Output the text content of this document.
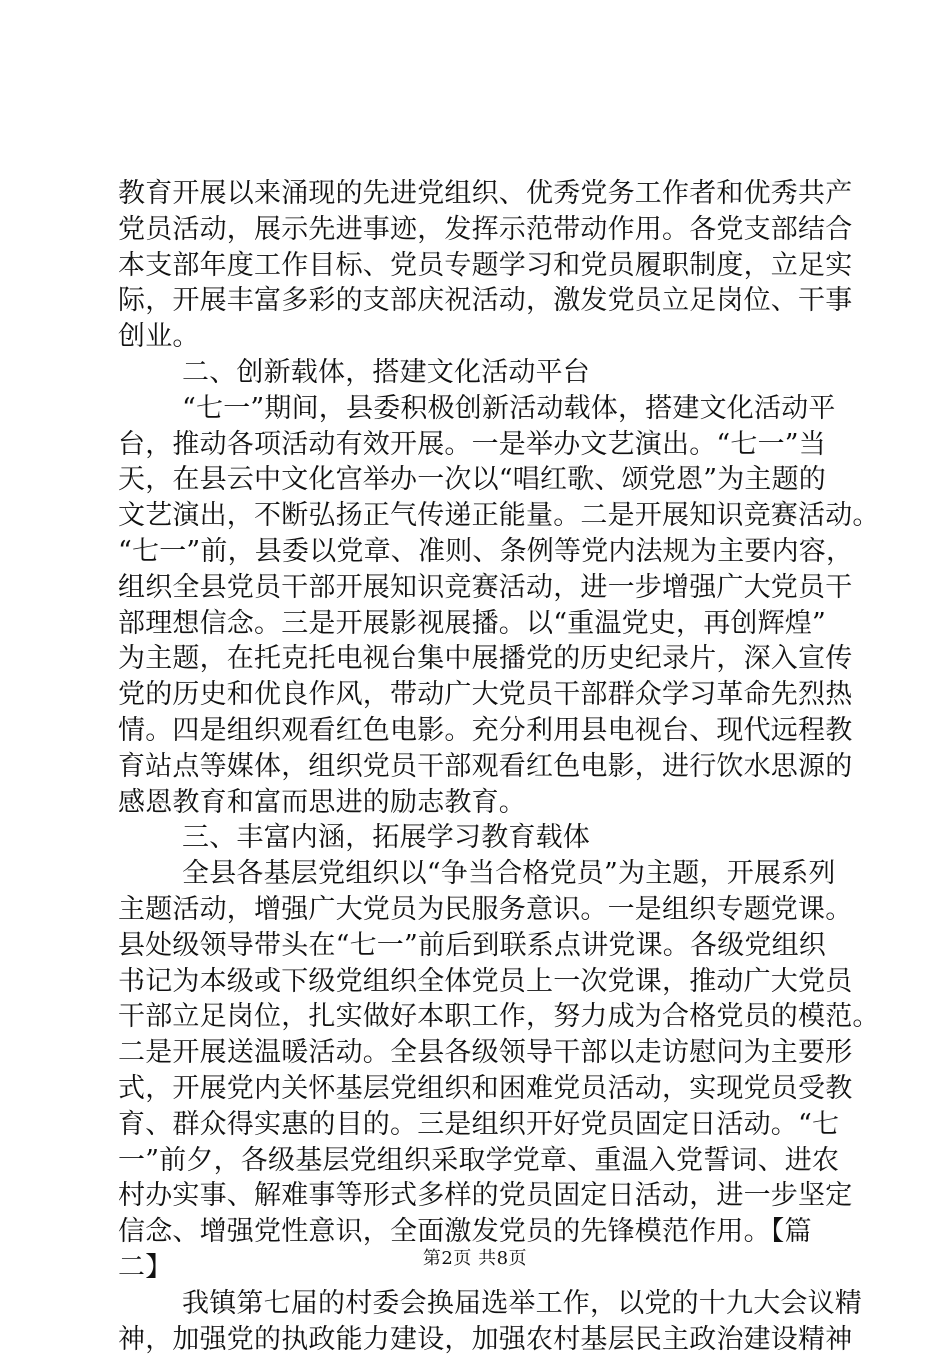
教育开展以来涌现的先进党组织、优秀党务工作者和优秀共产
党员活动，展示先进事迹，发挥示范带动作用。各党支部结合
本支部年度工作目标、党员专题学习和党员履职制度，立足实
际，开展丰富多彩的支部庆祝活动，激发党员立足岗位、干事
创业。
二、创新载体，搭建文化活动平台
“七一”期间，县委积极创新活动载体，搭建文化活动平
台，推动各项活动有效开展。一是举办文艺演出。“七一”当
天，在县云中文化宫举办一次以“唱红歌、颂党恩”为主题的
文艺演出，不断弘扬正气传递正能量。二是开展知识竞赛活动。
“七一”前，县委以党章、准则、条例等党内法规为主要内容，
组织全县党员干部开展知识竞赛活动，进一步增强广大党员干
部理想信念。三是开展影视展播。以“重温党史，再创辉煌”
为主题，在托克托电视台集中展播党的历史纪录片，深入宣传
党的历史和优良作风，带动广大党员干部群众学习革命先烈热
情。四是组织观看红色电影。充分利用县电视台、现代远程教
育站点等媒体，组织党员干部观看红色电影，进行饮水思源的
感恩教育和富而思进的励志教育。
三、丰富内涵，拓展学习教育载体
全县各基层党组织以“争当合格党员”为主题，开展系列
主题活动，增强广大党员为民服务意识。一是组织专题党课。
县处级领导带头在“七一”前后到联系点讲党课。各级党组织
书记为本级或下级党组织全体党员上一次党课，推动广大党员
干部立足岗位，扎实做好本职工作，努力成为合格党员的模范。
二是开展送温暖活动。全县各级领导干部以走访慰问为主要形
式，开展党内关怀基层党组织和困难党员活动，实现党员受教
育、群众得实惠的目的。三是组织开好党员固定日活动。“七
一”前夕，各级基层党组织采取学党章、重温入党誓词、进农
村办实事、解难事等形式多样的党员固定日活动，进一步坚定
信念、增强党性意识，全面激发党员的先锋模范作用。【篇
二】
我镇第七届的村委会换届选举工作，以党的十九大会议精
神，加强党的执政能力建设，加强农村基层民主政治建设精神
第2页 共8页
